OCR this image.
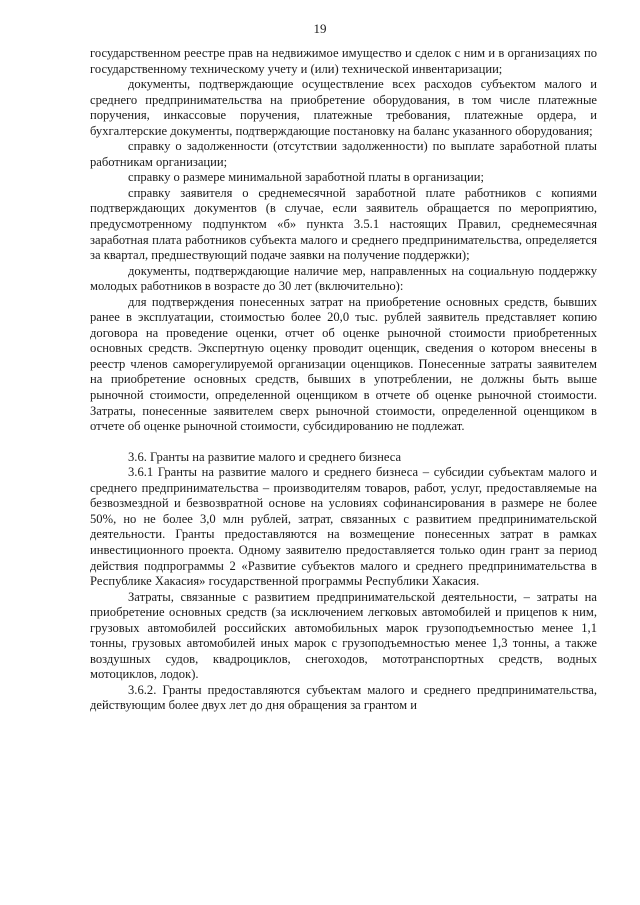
19

государственном реестре прав на недвижимое имущество и сделок с ним и в организациях по государственному техническому учету и (или) технической инвентаризации;

документы, подтверждающие осуществление всех расходов субъектом малого и среднего предпринимательства на приобретение оборудования, в том числе платежные поручения, инкассовые поручения, платежные требования, платежные ордера, и бухгалтерские документы, подтверждающие постановку на баланс указанного оборудования;

справку о задолженности (отсутствии задолженности) по выплате заработной платы работникам организации;

справку о размере минимальной заработной платы в организации;

справку заявителя о среднемесячной заработной плате работников с копиями подтверждающих документов (в случае, если заявитель обращается по мероприятию, предусмотренному подпунктом «б» пункта 3.5.1 настоящих Правил, среднемесячная заработная плата работников субъекта малого и среднего предпринимательства, определяется за квартал, предшествующий подаче заявки на получение поддержки);

документы, подтверждающие наличие мер, направленных на социальную поддержку молодых работников в возрасте до 30 лет (включительно):

для подтверждения понесенных затрат на приобретение основных средств, бывших ранее в эксплуатации, стоимостью более 20,0 тыс. рублей заявитель представляет копию договора на проведение оценки, отчет об оценке рыночной стоимости приобретенных основных средств. Экспертную оценку проводит оценщик, сведения о котором внесены в реестр членов саморегулируемой организации оценщиков. Понесенные затраты заявителем на приобретение основных средств, бывших в употреблении, не должны быть выше рыночной стоимости, определенной оценщиком в отчете об оценке рыночной стоимости. Затраты, понесенные заявителем сверх рыночной стоимости, определенной оценщиком в отчете об оценке рыночной стоимости, субсидированию не подлежат.

3.6. Гранты на развитие малого и среднего бизнеса

3.6.1 Гранты на развитие малого и среднего бизнеса – субсидии субъектам малого и среднего предпринимательства – производителям товаров, работ, услуг, предоставляемые на безвозмездной и безвозвратной основе на условиях софинансирования в размере не более 50%, но не более 3,0 млн рублей, затрат, связанных с развитием предпринимательской деятельности. Гранты предоставляются на возмещение понесенных затрат в рамках инвестиционного проекта. Одному заявителю предоставляется только один грант за период действия подпрограммы 2 «Развитие субъектов малого и среднего предпринимательства в Республике Хакасия» государственной программы Республики Хакасия.

Затраты, связанные с развитием предпринимательской деятельности, – затраты на приобретение основных средств (за исключением легковых автомобилей и прицепов к ним, грузовых автомобилей российских автомобильных марок грузоподъемностью менее 1,1 тонны, грузовых автомобилей иных марок с грузоподъемностью менее 1,3 тонны, а также воздушных судов, квадроциклов, снегоходов, мототранспортных средств, водных мотоциклов, лодок).

3.6.2. Гранты предоставляются субъектам малого и среднего предпринимательства, действующим более двух лет до дня обращения за грантом и
